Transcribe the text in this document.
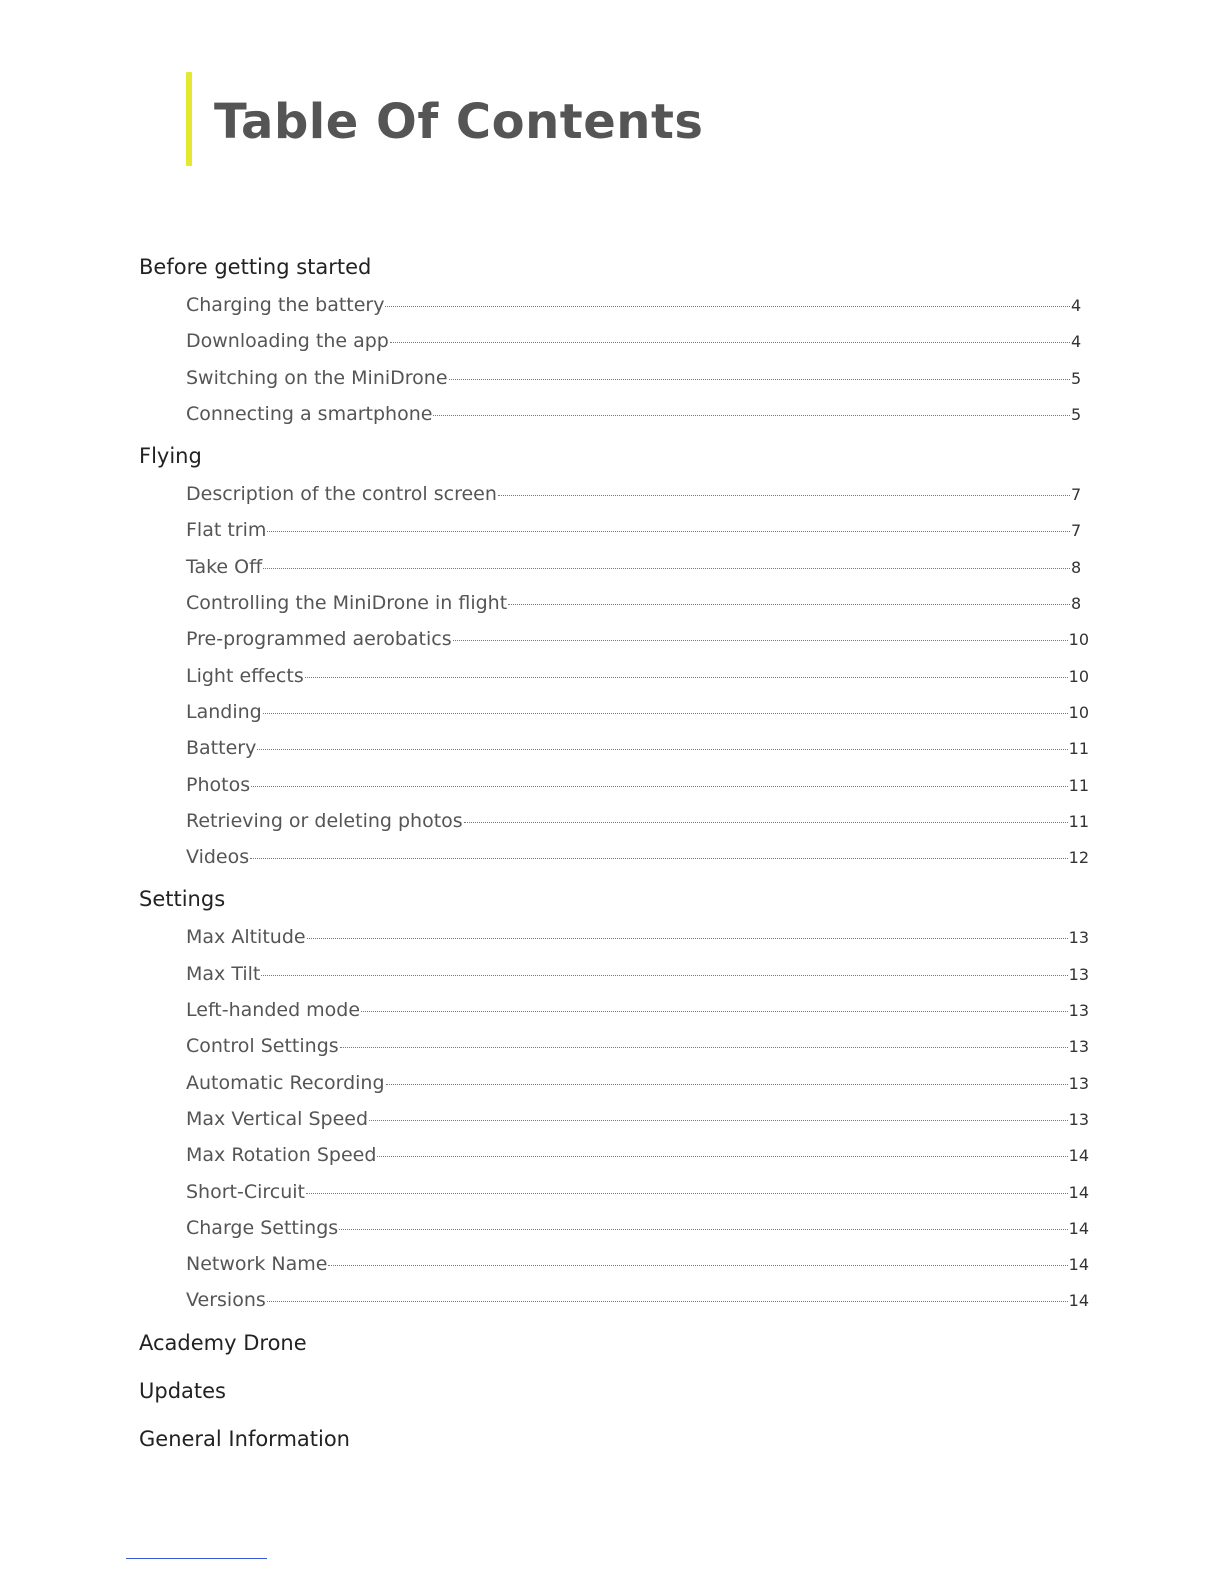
Table Of Contents
Before getting started
Charging the battery	4
Downloading the app	4
Switching on the MiniDrone	5
Connecting a smartphone	5
Flying
Description of the control screen	7
Flat trim	7
Take Off	8
Controlling the MiniDrone in flight	8
Pre-programmed aerobatics	10
Light effects	10
Landing	10
Battery	11
Photos	11
Retrieving or deleting photos	11
Videos	12
Settings
Max Altitude	13
Max Tilt	13
Left-handed mode	13
Control Settings	13
Automatic Recording	13
Max Vertical Speed	13
Max Rotation Speed	14
Short-Circuit	14
Charge Settings	14
Network Name	14
Versions	14
Academy Drone
Updates
General Information
